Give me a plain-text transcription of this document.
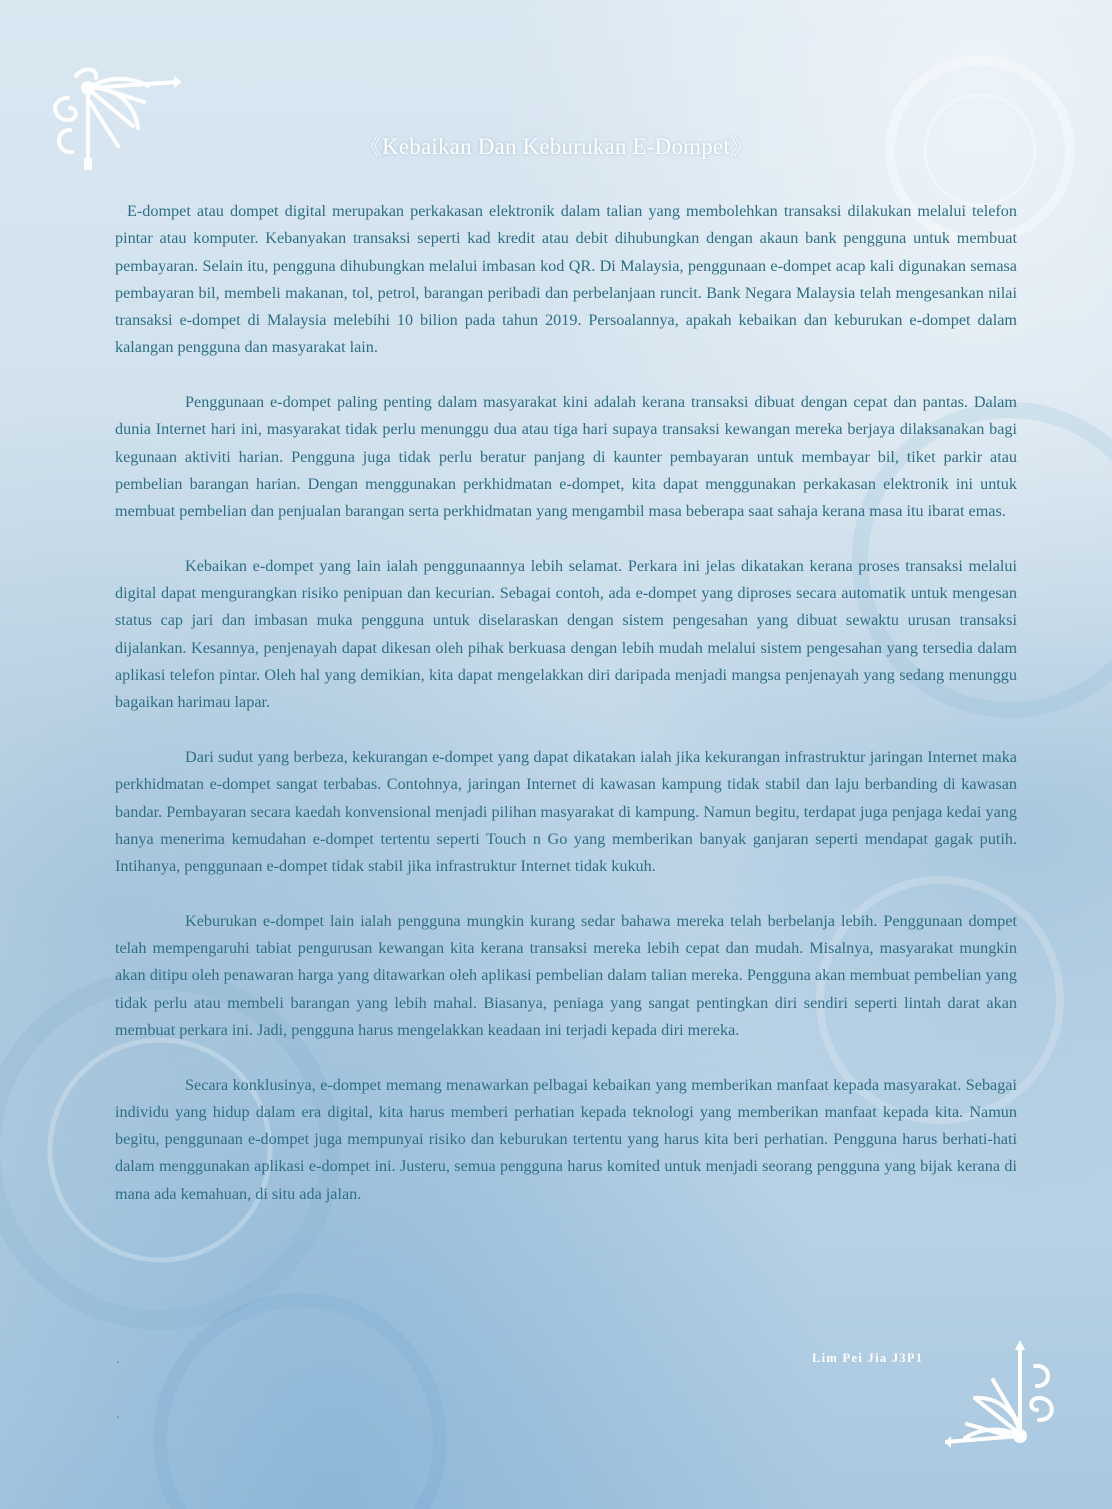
《Kebaikan Dan Keburukan E-Dompet》

E-dompet atau dompet digital merupakan perkakasan elektronik dalam talian yang membolehkan transaksi dilakukan melalui telefon pintar atau komputer. Kebanyakan transaksi seperti kad kredit atau debit dihubungkan dengan akaun bank pengguna untuk membuat pembayaran. Selain itu, pengguna dihubungkan melalui imbasan kod QR. Di Malaysia, penggunaan e-dompet acap kali digunakan semasa pembayaran bil, membeli makanan, tol, petrol, barangan peribadi dan perbelanjaan runcit. Bank Negara Malaysia telah mengesankan nilai transaksi e-dompet di Malaysia melebihi 10 bilion pada tahun 2019. Persoalannya, apakah kebaikan dan keburukan e-dompet dalam kalangan pengguna dan masyarakat lain.

Penggunaan e-dompet paling penting dalam masyarakat kini adalah kerana transaksi dibuat dengan cepat dan pantas. Dalam dunia Internet hari ini, masyarakat tidak perlu menunggu dua atau tiga hari supaya transaksi kewangan mereka berjaya dilaksanakan bagi kegunaan aktiviti harian. Pengguna juga tidak perlu beratur panjang di kaunter pembayaran untuk membayar bil, tiket parkir atau pembelian barangan harian. Dengan menggunakan perkhidmatan e-dompet, kita dapat menggunakan perkakasan elektronik ini untuk membuat pembelian dan penjualan barangan serta perkhidmatan yang mengambil masa beberapa saat sahaja kerana masa itu ibarat emas.

Kebaikan e-dompet yang lain ialah penggunaannya lebih selamat. Perkara ini jelas dikatakan kerana proses transaksi melalui digital dapat mengurangkan risiko penipuan dan kecurian. Sebagai contoh, ada e-dompet yang diproses secara automatik untuk mengesan status cap jari dan imbasan muka pengguna untuk diselaraskan dengan sistem pengesahan yang dibuat sewaktu urusan transaksi dijalankan. Kesannya, penjenayah dapat dikesan oleh pihak berkuasa dengan lebih mudah melalui sistem pengesahan yang tersedia dalam aplikasi telefon pintar. Oleh hal yang demikian, kita dapat mengelakkan diri daripada menjadi mangsa penjenayah yang sedang menunggu bagaikan harimau lapar.

Dari sudut yang berbeza, kekurangan e-dompet yang dapat dikatakan ialah jika kekurangan infrastruktur jaringan Internet maka perkhidmatan e-dompet sangat terbabas. Contohnya, jaringan Internet di kawasan kampung tidak stabil dan laju berbanding di kawasan bandar. Pembayaran secara kaedah konvensional menjadi pilihan masyarakat di kampung. Namun begitu, terdapat juga penjaga kedai yang hanya menerima kemudahan e-dompet tertentu seperti Touch n Go yang memberikan banyak ganjaran seperti mendapat gagak putih. Intihanya, penggunaan e-dompet tidak stabil jika infrastruktur Internet tidak kukuh.

Keburukan e-dompet lain ialah pengguna mungkin kurang sedar bahawa mereka telah berbelanja lebih. Penggunaan dompet telah mempengaruhi tabiat pengurusan kewangan kita kerana transaksi mereka lebih cepat dan mudah. Misalnya, masyarakat mungkin akan ditipu oleh penawaran harga yang ditawarkan oleh aplikasi pembelian dalam talian mereka. Pengguna akan membuat pembelian yang tidak perlu atau membeli barangan yang lebih mahal. Biasanya, peniaga yang sangat pentingkan diri sendiri seperti lintah darat akan membuat perkara ini. Jadi, pengguna harus mengelakkan keadaan ini terjadi kepada diri mereka.

Secara konklusinya, e-dompet memang menawarkan pelbagai kebaikan yang memberikan manfaat kepada masyarakat. Sebagai individu yang hidup dalam era digital, kita harus memberi perhatian kepada teknologi yang memberikan manfaat kepada kita. Namun begitu, penggunaan e-dompet juga mempunyai risiko dan keburukan tertentu yang harus kita beri perhatian. Pengguna harus berhati-hati dalam menggunakan aplikasi e-dompet ini. Justeru, semua pengguna harus komited untuk menjadi seorang pengguna yang bijak kerana di mana ada kemahuan, di situ ada jalan.

Lim Pei Jia J3P1
.
.
